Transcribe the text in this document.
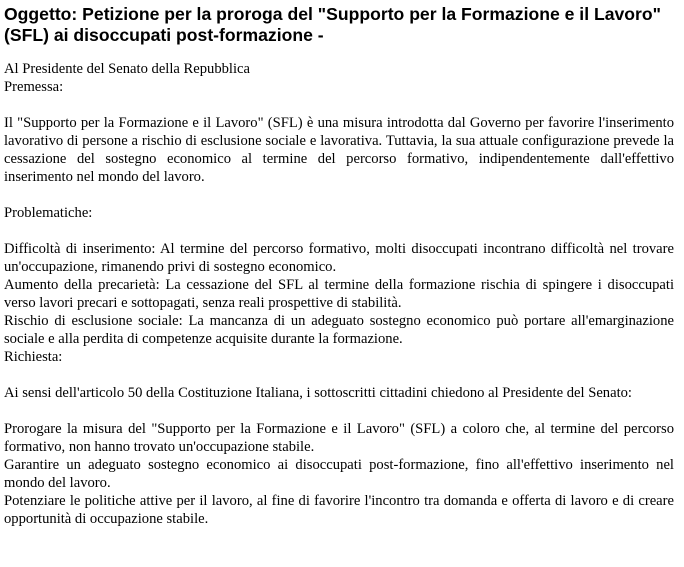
Oggetto: Petizione per la proroga del "Supporto per la Formazione e il Lavoro" (SFL) ai disoccupati post-formazione -

Al Presidente del Senato della Repubblica

Premessa:

Il "Supporto per la Formazione e il Lavoro" (SFL) è una misura introdotta dal Governo per favorire l'inserimento lavorativo di persone a rischio di esclusione sociale e lavorativa. Tuttavia, la sua attuale configurazione prevede la cessazione del sostegno economico al termine del percorso formativo, indipendentemente dall'effettivo inserimento nel mondo del lavoro.

Problematiche:

Difficoltà di inserimento: Al termine del percorso formativo, molti disoccupati incontrano difficoltà nel trovare un'occupazione, rimanendo privi di sostegno economico.

Aumento della precarietà: La cessazione del SFL al termine della formazione rischia di spingere i disoccupati verso lavori precari e sottopagati, senza reali prospettive di stabilità.

Rischio di esclusione sociale: La mancanza di un adeguato sostegno economico può portare all'emarginazione sociale e alla perdita di competenze acquisite durante la formazione.

Richiesta:

Ai sensi dell'articolo 50 della Costituzione Italiana, i sottoscritti cittadini chiedono al Presidente del Senato:

Prorogare la misura del "Supporto per la Formazione e il Lavoro" (SFL) a coloro che, al termine del percorso formativo, non hanno trovato un'occupazione stabile.

Garantire un adeguato sostegno economico ai disoccupati post-formazione, fino all'effettivo inserimento nel mondo del lavoro.

Potenziare le politiche attive per il lavoro, al fine di favorire l'incontro tra domanda e offerta di lavoro e di creare opportunità di occupazione stabile.
